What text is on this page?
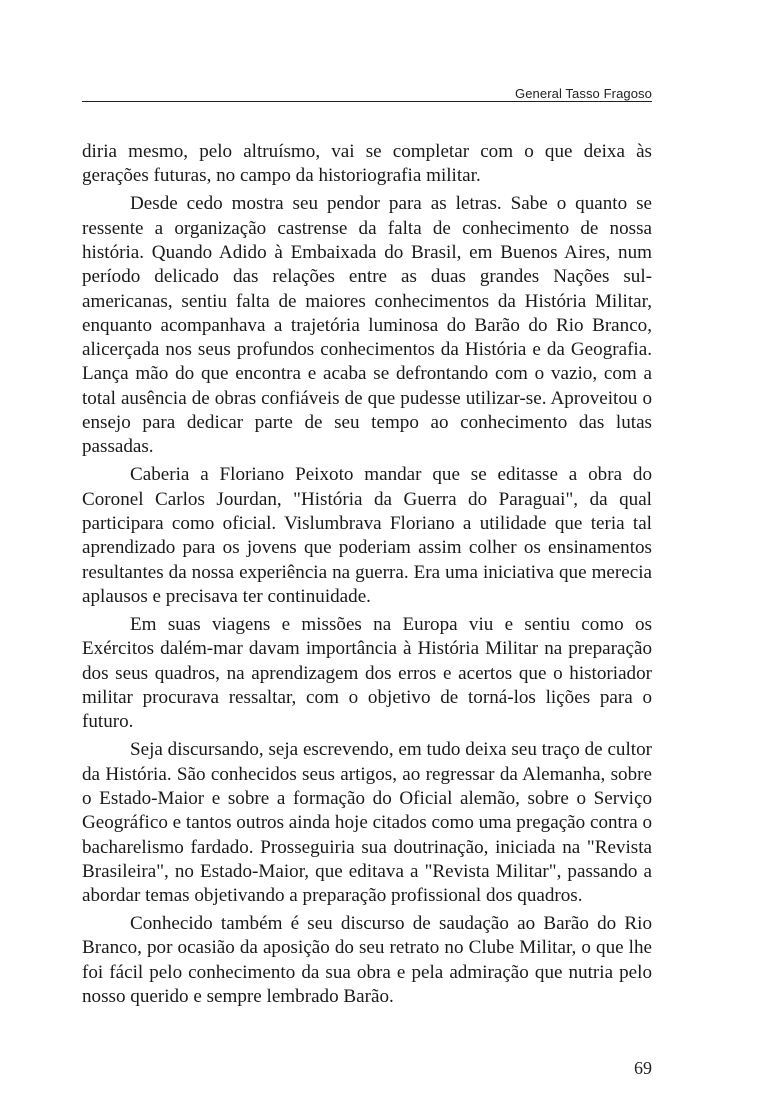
General Tasso Fragoso

diria mesmo, pelo altruísmo, vai se completar com o que deixa às gerações futuras, no campo da historiografia militar.

Desde cedo mostra seu pendor para as letras. Sabe o quanto se ressente a organização castrense da falta de conhecimento de nossa história. Quando Adido à Embaixada do Brasil, em Buenos Aires, num período delicado das relações entre as duas grandes Nações sul-americanas, sentiu falta de maiores conhecimentos da História Militar, enquanto acompanhava a trajetória luminosa do Barão do Rio Branco, alicerçada nos seus profundos conhecimentos da História e da Geografia. Lança mão do que encontra e acaba se defrontando com o vazio, com a total ausência de obras confiáveis de que pudesse utilizar-se. Aproveitou o ensejo para dedicar parte de seu tempo ao conhecimento das lutas passadas.

Caberia a Floriano Peixoto mandar que se editasse a obra do Coronel Carlos Jourdan, "História da Guerra do Paraguai", da qual participara como oficial. Vislumbrava Floriano a utilidade que teria tal aprendizado para os jovens que poderiam assim colher os ensinamentos resultantes da nossa experiência na guerra. Era uma iniciativa que merecia aplausos e precisava ter continuidade.

Em suas viagens e missões na Europa viu e sentiu como os Exércitos dalém-mar davam importância à História Militar na preparação dos seus quadros, na aprendizagem dos erros e acertos que o historiador militar procurava ressaltar, com o objetivo de torná-los lições para o futuro.

Seja discursando, seja escrevendo, em tudo deixa seu traço de cultor da História. São conhecidos seus artigos, ao regressar da Alemanha, sobre o Estado-Maior e sobre a formação do Oficial alemão, sobre o Serviço Geográfico e tantos outros ainda hoje citados como uma pregação contra o bacharelismo fardado. Prosseguiria sua doutrinação, iniciada na "Revista Brasileira", no Estado-Maior, que editava a "Revista Militar", passando a abordar temas objetivando a preparação profissional dos quadros.

Conhecido também é seu discurso de saudação ao Barão do Rio Branco, por ocasião da aposição do seu retrato no Clube Militar, o que lhe foi fácil pelo conhecimento da sua obra e pela admiração que nutria pelo nosso querido e sempre lembrado Barão.

69
